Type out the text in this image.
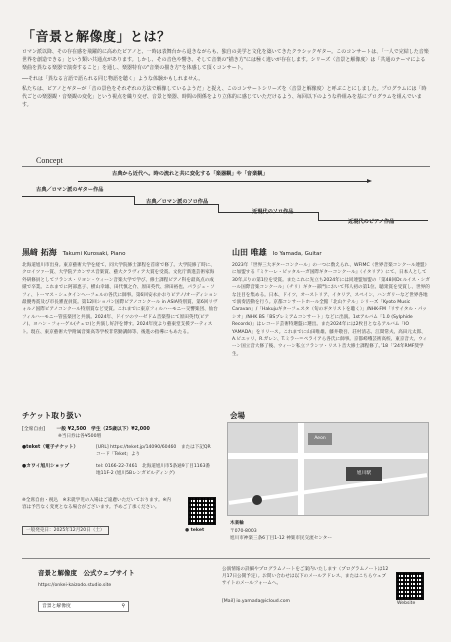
「音景と解像度」とは？

ロマン派以降、その存在感を飛躍的に高めたピアノと、一時は表舞台から退きながらも、独自の美学と文化を築いてきたクラシックギター。このコンサートは、「一人で完結した音楽世界を創造できる」という類い共通点があります。しかし、その音色や響き、そして音楽の"描き方"には極く違いが存在します。シリーズ〈音景と解像度〉は「共通のテーマによる楽曲を異なる楽器で演奏すること」を通し、楽器特有の"音楽の描き方"を体感して頂くコンサート。

──それは「異なる言語で語られる同じ物語を聴く」ような体験かもしれません。

私たちは、ピアノとギターが「音の景色をそれぞれの方法で解像しているようだ」と捉え、このコンサートシリーズを〈音景と解像度〉と呼ぶことにしました。プログラムには「時代ごとの楽器観・音楽観の変化」という視点を織り交ぜ、音景と楽器、時間の関係をより立体的に感じていただけるよう、毎回以下のような枠組みを基にプログラムを組んでいます。

Concept
古典から近代へ。時の流れと共に変化する「楽器観」や「音楽観」
古典／ロマン派のギター作品
古典／ロマン派のソロ作品
近現代のソロ作品
近現代のピアノ作品
黒﨑 拓海 Takumi Kurosaki, Piano
北海道旭川市出身。東京藝術大学を経て、同大学院修士課程を首席で修了。大学院修了時に、クロイツァー賞、大学院アカンサス音楽賞、藝大クラヴィア大賞を受賞。文化庁新進芸術家海外研修員としてフランス・リヨン・ウィーン音楽大学で学び、修士課程ピアノ科を最高点の成績で卒業。これまでに阿部恵子、横山幸雄、田代慎之介、原田英代、津田裕也、パラジュ・ソフィ、トーマス・シュタインヘーフェルの各氏に師事。第6回安永かおりピアノ/オーディション最優秀賞及び市長審査員賞。第12回ショパン国際ピアノコンクール in ASIA特別賞、第6回リヴォルノ国際ピアノコンクール特別賞など受賞。これまでに東京フィルハーモニー交響楽団、仙台フィルハーモニー管弦楽団と共演。2024年、ドイツのウーゼドム音楽祭にて原田英代(ピアノ)、ヨハン・フォーゲル(チェロ)と共演し好評を博す。2024年度より藝東堂支援アーティスト。現在、東京藝術大学附属音楽高等学校非常勤講師等、後進の指導にもあたる。
山田 唯雄 Io Yamada, Guitar
2023年「世界三大ギターコンクール」の一つに数えられ、WFIMC（世界音楽コンクール連盟）に加盟する『ミケーレ・ピッタルーガ国際ギターコンクール』（イタリア）にて、日本人として30年ぶりの第1位を受賞。またこれに先立ち2024年には同連盟加盟の「第48回Dr.ルイス・シガール国際音楽コンクール」（チリ）ギター部門において邦人初の第1位、聴衆賞を受賞し、世界的な注目を集める。日本、ドイツ、オーストリア、イタリア、スペイン、ハンガリーなど世界各地で演奏活動を行う。京都コンサートホール全館「北山ケテル」シリーズ「Kyoto Music Caravan」/「Hakujuギターフェスタ（旬のギタリストを聴く）」/NHK-FM「リサイタル・パッシオ」/NHK BS「BSプレミアムコンサート」などに出演。1stアルバム「1.0 (Sylphide Records)」はレコード芸術特選盤に選出。また2024年には2枚目となるアルバム「IO YAMADA」をリリース。これまでに山田唯雄、藤井敬吾、荘村清志、江間常夫、高田元太郎、A.ピエッリ、R.ガレン、T.ミラー＝ペライアら各氏に師事。京都嵯峨芸術高校、東京音大、ウィーン国立音大修了後、ウィーン私立フランツ・リスト音大修士課程修了。’18「’24年RMF奨学生。
チケット取り扱い
[全席自由] 一般 ¥2,500　学生（25歳以下）¥2,000
※当日券は各¥500増
●teket（電子チケット）	[URL] https://teket.jp/14090/60460　または下記QRコード「Teket」より
●カワイ旭川ショップ	tel: 0166-22-7461　北海道旭川市5条通9丁目1163番地11F-2 (旭川5Bレンガビルディング)
※全席自由・税込　※未就学児の入場はご遠慮いただいております。※内容は予告なく変更となる場合がございます。予めご了承ください。
一般発売日：2025年12月20日（土）	● teket
会場
旭川駅
Aeon
木楽輪
〒070-8003
旭川市神楽三条6丁目1-12 神楽市民交流センター
音景と解像度　公式ウェブサイト
https://onkei-kaizodo.studio.site
音景と解像度	⚲
公演情報の詳細やプログラムノートをご案内いたします（プログラムノートは12月17日公開予定）。お問い合わせは以下のメールアドレス、またはこちらウェブサイトのメールフォームへ。
[Mail] io.yamada@icloud.com	Website
